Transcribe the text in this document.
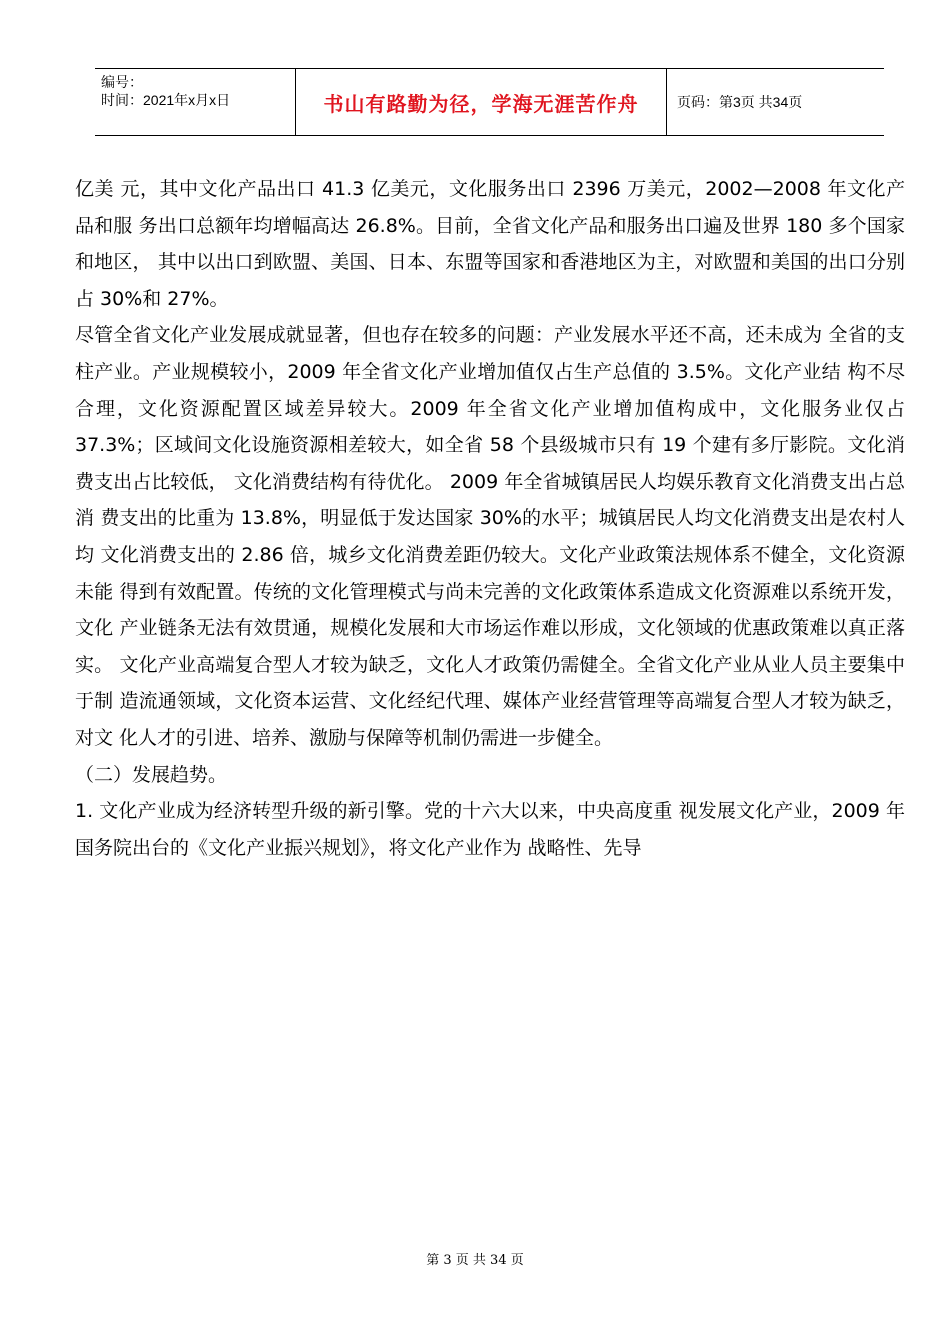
编号：
时间：2021年x月x日	书山有路勤为径，学海无涯苦作舟	页码：第3页 共34页

亿美 元，其中文化产品出口 41.3 亿美元，文化服务出口 2396 万美元，2002—2008 年文化产品和服 务出口总额年均增幅高达 26.8%。目前，全省文化产品和服务出口遍及世界 180 多个国家和地区， 其中以出口到欧盟、美国、日本、东盟等国家和香港地区为主，对欧盟和美国的出口分别占 30%和 27%。

尽管全省文化产业发展成就显著，但也存在较多的问题：产业发展水平还不高，还未成为 全省的支柱产业。产业规模较小，2009 年全省文化产业增加值仅占生产总值的 3.5%。文化产业结 构不尽合理，文化资源配置区域差异较大。2009 年全省文化产业增加值构成中，文化服务业仅占 37.3%；区域间文化设施资源相差较大，如全省 58 个县级城市只有 19 个建有多厅影院。文化消 费支出占比较低， 文化消费结构有待优化。 2009 年全省城镇居民人均娱乐教育文化消费支出占总消 费支出的比重为 13.8%，明显低于发达国家 30%的水平；城镇居民人均文化消费支出是农村人均 文化消费支出的 2.86 倍，城乡文化消费差距仍较大。文化产业政策法规体系不健全，文化资源未能 得到有效配置。传统的文化管理模式与尚未完善的文化政策体系造成文化资源难以系统开发，文化 产业链条无法有效贯通，规模化发展和大市场运作难以形成，文化领域的优惠政策难以真正落实。 文化产业高端复合型人才较为缺乏，文化人才政策仍需健全。全省文化产业从业人员主要集中于制 造流通领域，文化资本运营、文化经纪代理、媒体产业经营管理等高端复合型人才较为缺乏，对文 化人才的引进、培养、激励与保障等机制仍需进一步健全。

（二）发展趋势。

1. 文化产业成为经济转型升级的新引擎。党的十六大以来，中央高度重 视发展文化产业，2009 年国务院出台的《文化产业振兴规划》，将文化产业作为 战略性、先导

第 3 页 共 34 页
